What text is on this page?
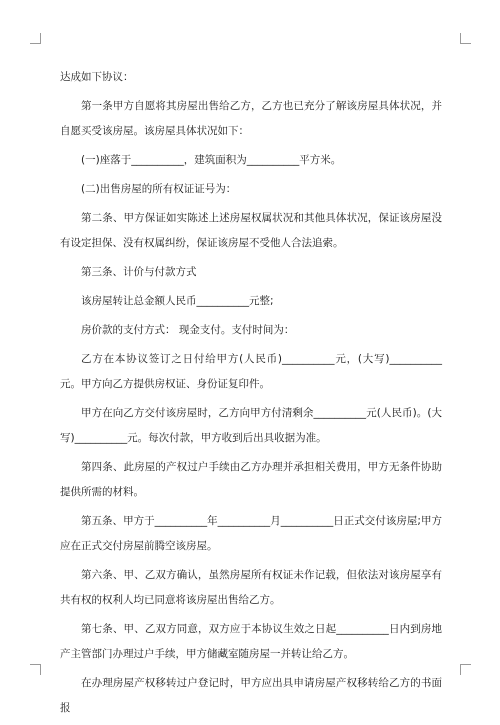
达成如下协议：

第一条甲方自愿将其房屋出售给乙方，乙方也已充分了解该房屋具体状况，并自愿买受该房屋。该房屋具体状况如下：

(一)座落于__________，建筑面积为__________平方米。

(二)出售房屋的所有权证证号为：

第二条、甲方保证如实陈述上述房屋权属状况和其他具体状况，保证该房屋没有设定担保、没有权属纠纷，保证该房屋不受他人合法追索。

第三条、计价与付款方式

该房屋转让总金额人民币__________元整;

房价款的支付方式： 现金支付。支付时间为：

乙方在本协议签订之日付给甲方(人民币)__________元，(大写)__________元。甲方向乙方提供房权证、身份证复印件。

甲方在向乙方交付该房屋时，乙方向甲方付清剩余__________元(人民币)。(大写)__________元。每次付款，甲方收到后出具收据为准。

第四条、此房屋的产权过户手续由乙方办理并承担相关费用，甲方无条件协助提供所需的材料。

第五条、甲方于__________年__________月__________日正式交付该房屋;甲方应在正式交付房屋前腾空该房屋。

第六条、甲、乙双方确认，虽然房屋所有权证未作记载，但依法对该房屋享有共有权的权利人均已同意将该房屋出售给乙方。

第七条、甲、乙双方同意，双方应于本协议生效之日起__________日内到房地产主管部门办理过户手续，甲方储藏室随房屋一并转让给乙方。

在办理房屋产权移转过户登记时，甲方应出具申请房屋产权移转给乙方的书面报
